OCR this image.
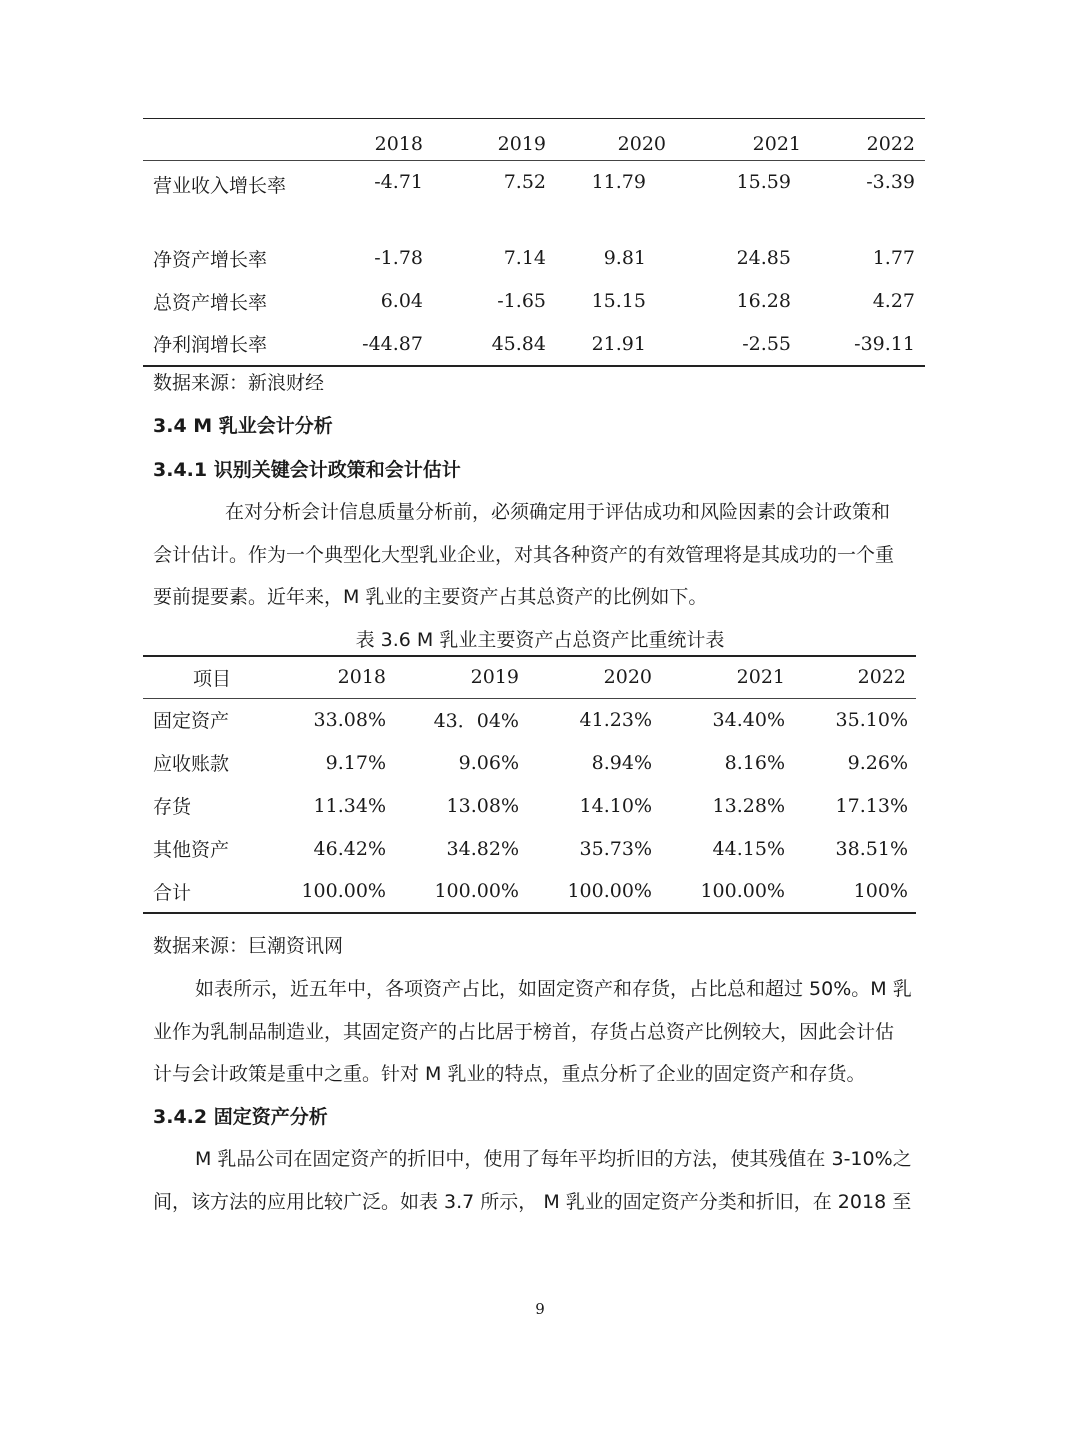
	2018	2019	2020	2021	2022
营业收入增长率	-4.71	7.52	11.79	15.59	-3.39
净资产增长率	-1.78	7.14	9.81	24.85	1.77
总资产增长率	6.04	-1.65	15.15	16.28	4.27
净利润增长率	-44.87	45.84	21.91	-2.55	-39.11
数据来源：新浪财经
3.4 M 乳业会计分析
3.4.1 识别关键会计政策和会计估计
在对分析会计信息质量分析前，必须确定用于评估成功和风险因素的会计政策和
会计估计。作为一个典型化大型乳业企业，对其各种资产的有效管理将是其成功的一个重
要前提要素。近年来，M 乳业的主要资产占其总资产的比例如下。
表 3.6 M 乳业主要资产占总资产比重统计表
项目	2018	2019	2020	2021	2022
固定资产	33.08%	43．04%	41.23%	34.40%	35.10%
应收账款	9.17%	9.06%	8.94%	8.16%	9.26%
存货	11.34%	13.08%	14.10%	13.28%	17.13%
其他资产	46.42%	34.82%	35.73%	44.15%	38.51%
合计	100.00%	100.00%	100.00%	100.00%	100%
数据来源：巨潮资讯网
如表所示，近五年中，各项资产占比，如固定资产和存货，占比总和超过 50%。M 乳
业作为乳制品制造业，其固定资产的占比居于榜首，存货占总资产比例较大，因此会计估
计与会计政策是重中之重。针对 M 乳业的特点，重点分析了企业的固定资产和存货。
3.4.2 固定资产分析
M 乳品公司在固定资产的折旧中，使用了每年平均折旧的方法，使其残值在 3-10%之
间，该方法的应用比较广泛。如表 3.7 所示， M 乳业的固定资产分类和折旧，在 2018 至
9
